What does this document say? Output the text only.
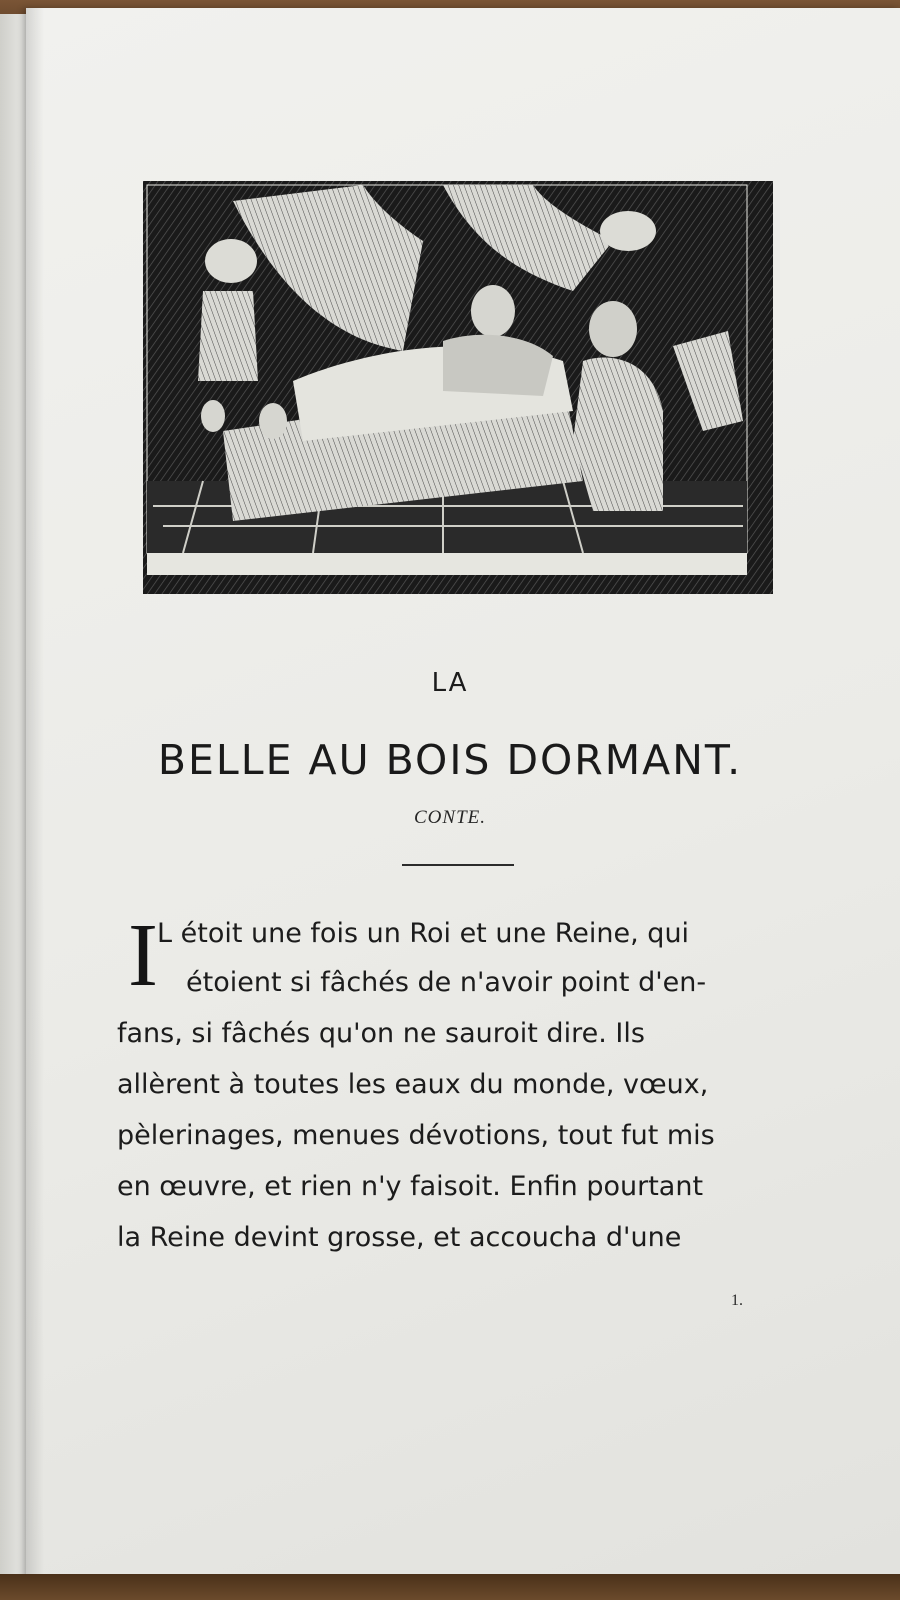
LA
BELLE AU BOIS DORMANT.
CONTE.
I L étoit une fois un Roi et une Reine, qui
étoient si fâchés de n'avoir point d'en-
fans, si fâchés qu'on ne sauroit dire. Ils
allèrent à toutes les eaux du monde, vœux,
pèlerinages, menues dévotions, tout fut mis
en œuvre, et rien n'y faisoit. Enfin pourtant
la Reine devint grosse, et accoucha d'une
1.
